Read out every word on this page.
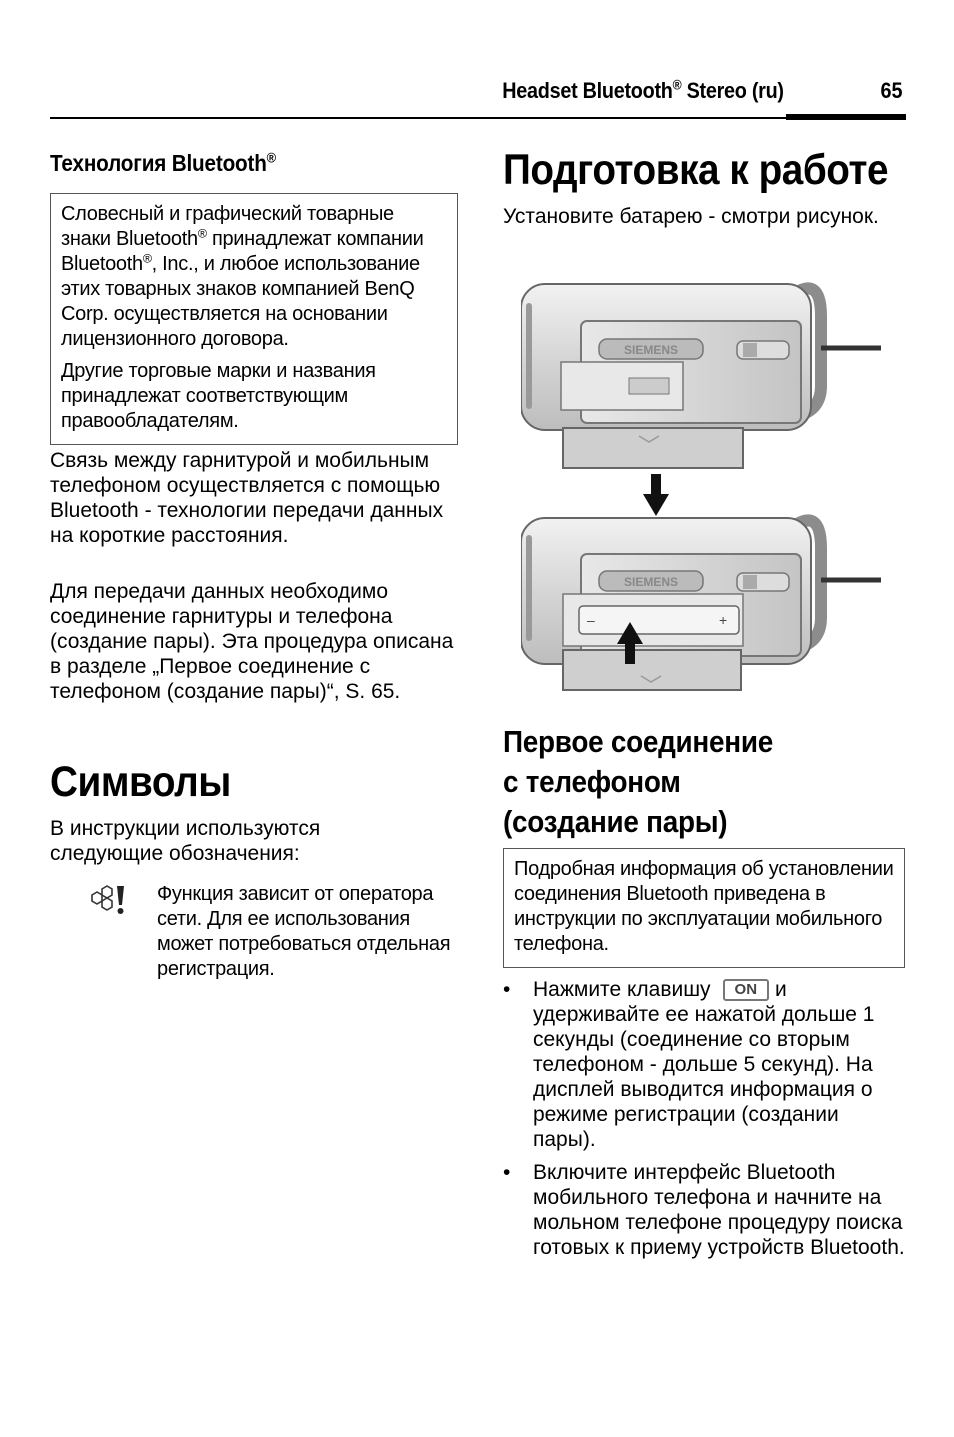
Headset Bluetooth® Stereo (ru)	65
Технология Bluetooth®

Словесный и графический товарные знаки Bluetooth® принадлежат компании Bluetooth®, Inc., и любое использование этих товарных знаков компанией BenQ Corp. осуществляется на основании лицензионного договора.

Другие торговые марки и названия принадлежат соответствующим правообладателям.

Связь между гарнитурой и мобильным телефоном осуществляется с помощью Bluetooth - технологии передачи данных на короткие расстояния.

Для передачи данных необходимо соединение гарнитуры и телефона (создание пары). Эта процедура описана в разделе „Первое соединение с телефоном (создание пары)“, S. 65.

Символы

В инструкции используются следующие обозначения:

Функция зависит от оператора сети. Для ее использования может потребоваться отдельная регистрация.
Подготовка к работе

Установите батарею - смотри рисунок.

SIEMENS
SIEMENS
–	+
Первое соединение
с телефоном
(создание пары)

Подробная информация об установлении соединения Bluetooth приведена в инструкции по эксплуатации мобильного телефона.

• Нажмите клавишу ON и удерживайте ее нажатой дольше 1 секунды (соединение со вторым телефоном - дольше 5 секунд). На дисплей выводится информация о режиме регистрации (создании пары).
• Включите интерфейс Bluetooth мобильного телефона и начните на мольном телефоне процедуру поиска готовых к приему устройств Bluetooth.
